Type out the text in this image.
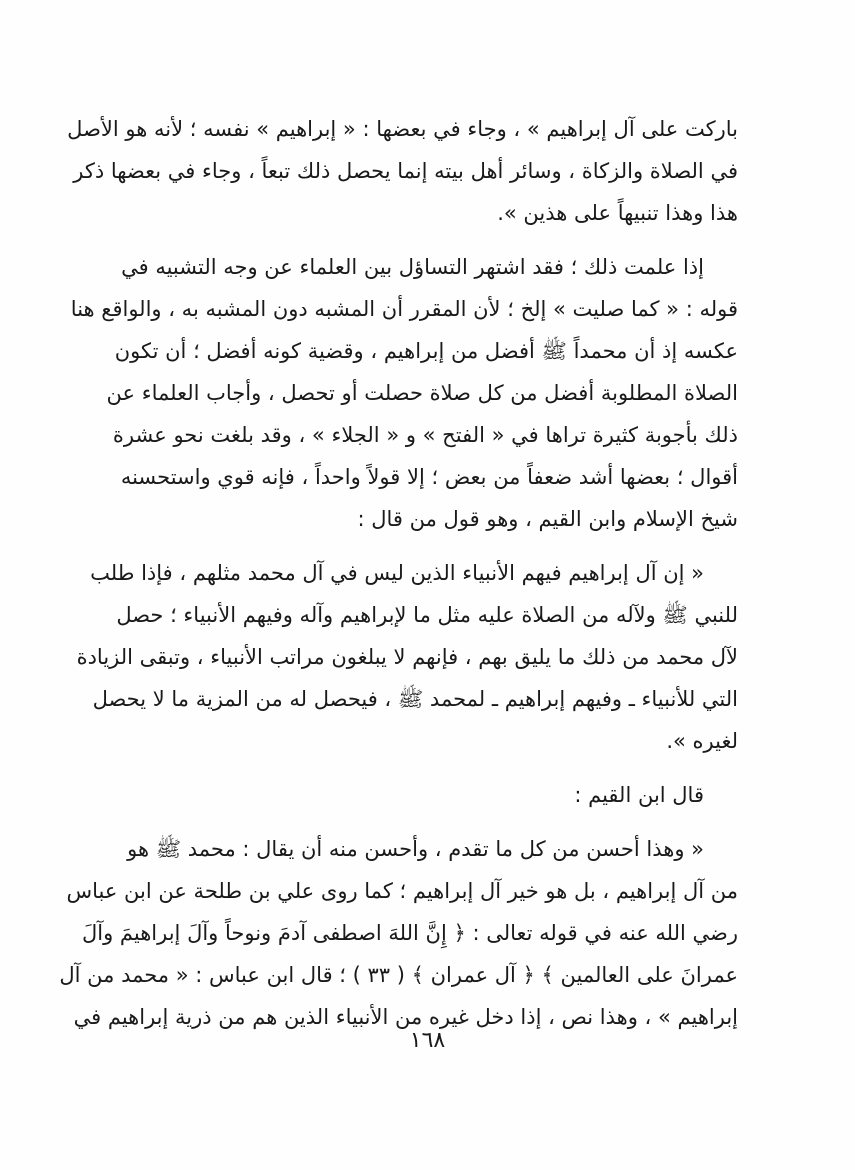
باركت على آل إبراهيم » ، وجاء في بعضها : « إبراهيم » نفسه ؛ لأنه هو الأصل
في الصلاة والزكاة ، وسائر أهل بيته إنما يحصل ذلك تبعاً ، وجاء في بعضها ذكر
هذا وهذا تنبيهاً على هذين ».
إذا علمت ذلك ؛ فقد اشتهر التساؤل بين العلماء عن وجه التشبيه في
قوله : « كما صليت » إلخ ؛ لأن المقرر أن المشبه دون المشبه به ، والواقع هنا
عكسه إذ أن محمداً ﷺ أفضل من إبراهيم ، وقضية كونه أفضل ؛ أن تكون
الصلاة المطلوبة أفضل من كل صلاة حصلت أو تحصل ، وأجاب العلماء عن
ذلك بأجوبة كثيرة تراها في « الفتح » و « الجلاء » ، وقد بلغت نحو عشرة
أقوال ؛ بعضها أشد ضعفاً من بعض ؛ إلا قولاً واحداً ، فإنه قوي واستحسنه
شيخ الإسلام وابن القيم ، وهو قول من قال :
« إن آل إبراهيم فيهم الأنبياء الذين ليس في آل محمد مثلهم ، فإذا طلب
للنبي ﷺ ولآله من الصلاة عليه مثل ما لإبراهيم وآله وفيهم الأنبياء ؛ حصل
لآل محمد من ذلك ما يليق بهم ، فإنهم لا يبلغون مراتب الأنبياء ، وتبقى الزيادة
التي للأنبياء ـ وفيهم إبراهيم ـ لمحمد ﷺ ، فيحصل له من المزية ما لا يحصل
لغيره ».
قال ابن القيم :
« وهذا أحسن من كل ما تقدم ، وأحسن منه أن يقال : محمد ﷺ هو
من آل إبراهيم ، بل هو خير آل إبراهيم ؛ كما روى علي بن طلحة عن ابن عباس
رضي الله عنه في قوله تعالى : ﴿ إِنَّ اللهَ اصطفى آدمَ ونوحاً وآلَ إبراهيمَ وآلَ
عمرانَ على العالمين ﴾ ﴿ آل عمران ﴾ ( ٣٣ ) ؛ قال ابن عباس : « محمد من آل
إبراهيم » ، وهذا نص ، إذا دخل غيره من الأنبياء الذين هم من ذرية إبراهيم في
١٦٨
